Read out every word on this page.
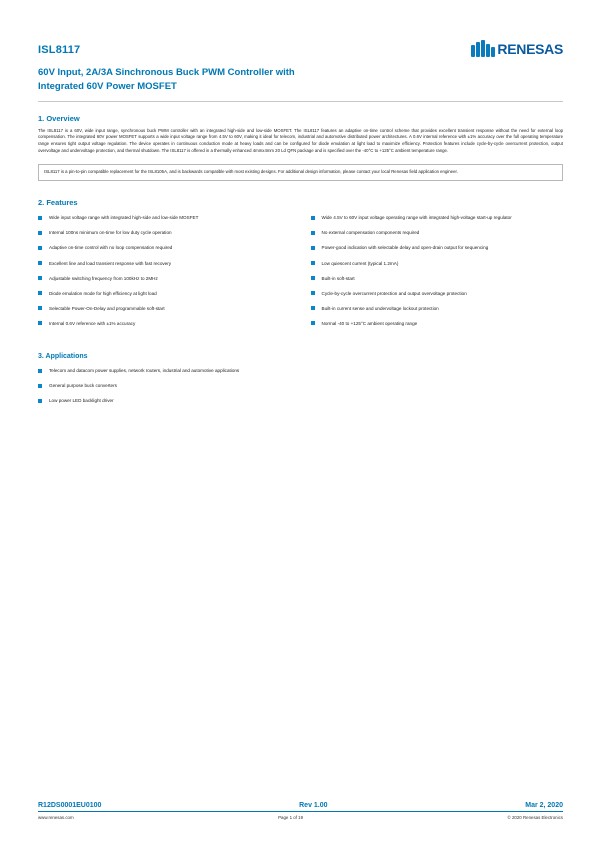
ISL8117	RENESAS
60V Input, 2A/3A Sinchronous Buck PWM Controller with
Integrated 60V Power MOSFET
1. Overview
The ISL8117 is a 60V, wide input range, synchronous buck PWM controller with an integrated high-side and low-side MOSFET. The ISL8117 features an adaptive on-time control scheme that provides excellent transient response without the need for external loop compensation. The integrated 60V power MOSFET supports a wide input voltage range from 4.5V to 60V, making it ideal for telecom, industrial and automotive distributed power architectures. A 0.6V internal reference with ±1% accuracy over the full operating temperature range ensures tight output voltage regulation. The device operates in continuous conduction mode at heavy loads and can be configured for diode emulation at light load to maximize efficiency. Protection features include cycle-by-cycle overcurrent protection, output overvoltage and undervoltage protection, and thermal shutdown. The ISL8117 is offered in a thermally enhanced 4mmx4mm 20 Ld QFN package and is specified over the -40°C to +125°C ambient temperature range.
ISL8117 is a pin-to-pin compatible replacement for the ISL8105A, and is backwards compatible with most existing designs. For additional design information, please contact your local Renesas field application engineer.
2. Features
Wide input voltage range with integrated high-side and low-side MOSFET
Internal 100ns minimum on-time for low duty cycle operation
Adaptive on-time control with no loop compensation required
Excellent line and load transient response with fast recovery
Adjustable switching frequency from 100kHz to 2MHz
Diode emulation mode for high efficiency at light load
Selectable Power-On-Delay and programmable soft-start
Internal 0.6V reference with ±1% accuracy
Wide 4.5V to 60V input voltage operating range with integrated high-voltage start-up regulator
No external compensation components required
Power-good indication with selectable delay and open-drain output for sequencing
Low quiescent current (typical 1.2mA)
Built-in soft-start
Cycle-by-cycle overcurrent protection and output overvoltage protection
Built-in current sense and undervoltage lockout protection
Normal -40 to +125°C ambient operating range
3. Applications
Telecom and datacom power supplies, network routers, industrial and automotive applications
General purpose buck converters
Low power LED backlight driver
R12DS0001EU0100	Rev 1.00	Mar 2, 2020
www.renesas.com	Page 1 of 19	© 2020 Renesas Electronics
